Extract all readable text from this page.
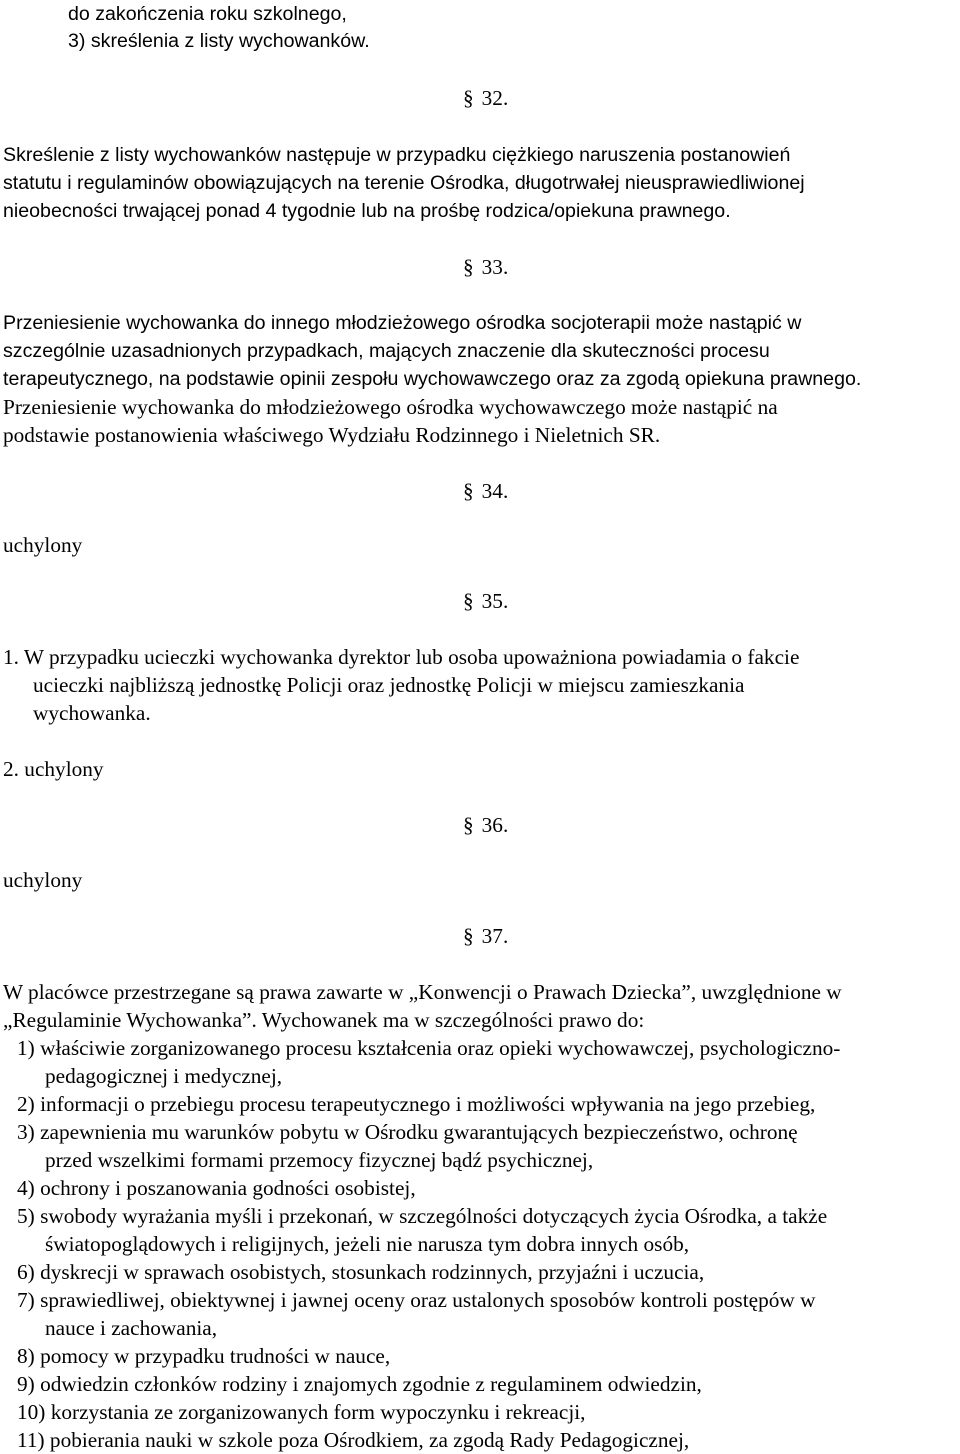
do zakończenia roku szkolnego,
3) skreślenia z listy wychowanków.
§ 32.
Skreślenie z listy wychowanków następuje w przypadku ciężkiego naruszenia postanowień
statutu i regulaminów obowiązujących na terenie Ośrodka, długotrwałej nieusprawiedliwionej
nieobecności trwającej ponad 4 tygodnie lub na prośbę rodzica/opiekuna prawnego.
§ 33.
Przeniesienie wychowanka do innego młodzieżowego ośrodka socjoterapii może nastąpić w
szczególnie uzasadnionych przypadkach, mających znaczenie dla skuteczności procesu
terapeutycznego, na podstawie opinii zespołu wychowawczego oraz za zgodą opiekuna prawnego.
Przeniesienie wychowanka do młodzieżowego ośrodka wychowawczego może nastąpić na
podstawie postanowienia właściwego Wydziału Rodzinnego i Nieletnich SR.
§ 34.
uchylony
§ 35.
1. W przypadku ucieczki wychowanka dyrektor lub osoba upoważniona powiadamia o fakcie
ucieczki najbliższą jednostkę Policji oraz jednostkę Policji w miejscu zamieszkania
wychowanka.
2. uchylony
§ 36.
uchylony
§ 37.
W placówce przestrzegane są prawa zawarte w „Konwencji o Prawach Dziecka”, uwzględnione w
„Regulaminie Wychowanka”. Wychowanek ma w szczególności prawo do:
1) właściwie zorganizowanego procesu kształcenia oraz opieki wychowawczej, psychologiczno-
pedagogicznej i medycznej,
2) informacji o przebiegu procesu terapeutycznego i możliwości wpływania na jego przebieg,
3) zapewnienia mu warunków pobytu w Ośrodku gwarantujących bezpieczeństwo, ochronę
przed wszelkimi formami przemocy fizycznej bądź psychicznej,
4) ochrony i poszanowania godności osobistej,
5) swobody wyrażania myśli i przekonań, w szczególności dotyczących życia Ośrodka, a także
światopoglądowych i religijnych, jeżeli nie narusza tym dobra innych osób,
6) dyskrecji w sprawach osobistych, stosunkach rodzinnych, przyjaźni i uczucia,
7) sprawiedliwej, obiektywnej i jawnej oceny oraz ustalonych sposobów kontroli postępów w
nauce i zachowania,
8) pomocy w przypadku trudności w nauce,
9) odwiedzin członków rodziny i znajomych zgodnie z regulaminem odwiedzin,
10) korzystania ze zorganizowanych form wypoczynku i rekreacji,
11) pobierania nauki w szkole poza Ośrodkiem, za zgodą Rady Pedagogicznej,
